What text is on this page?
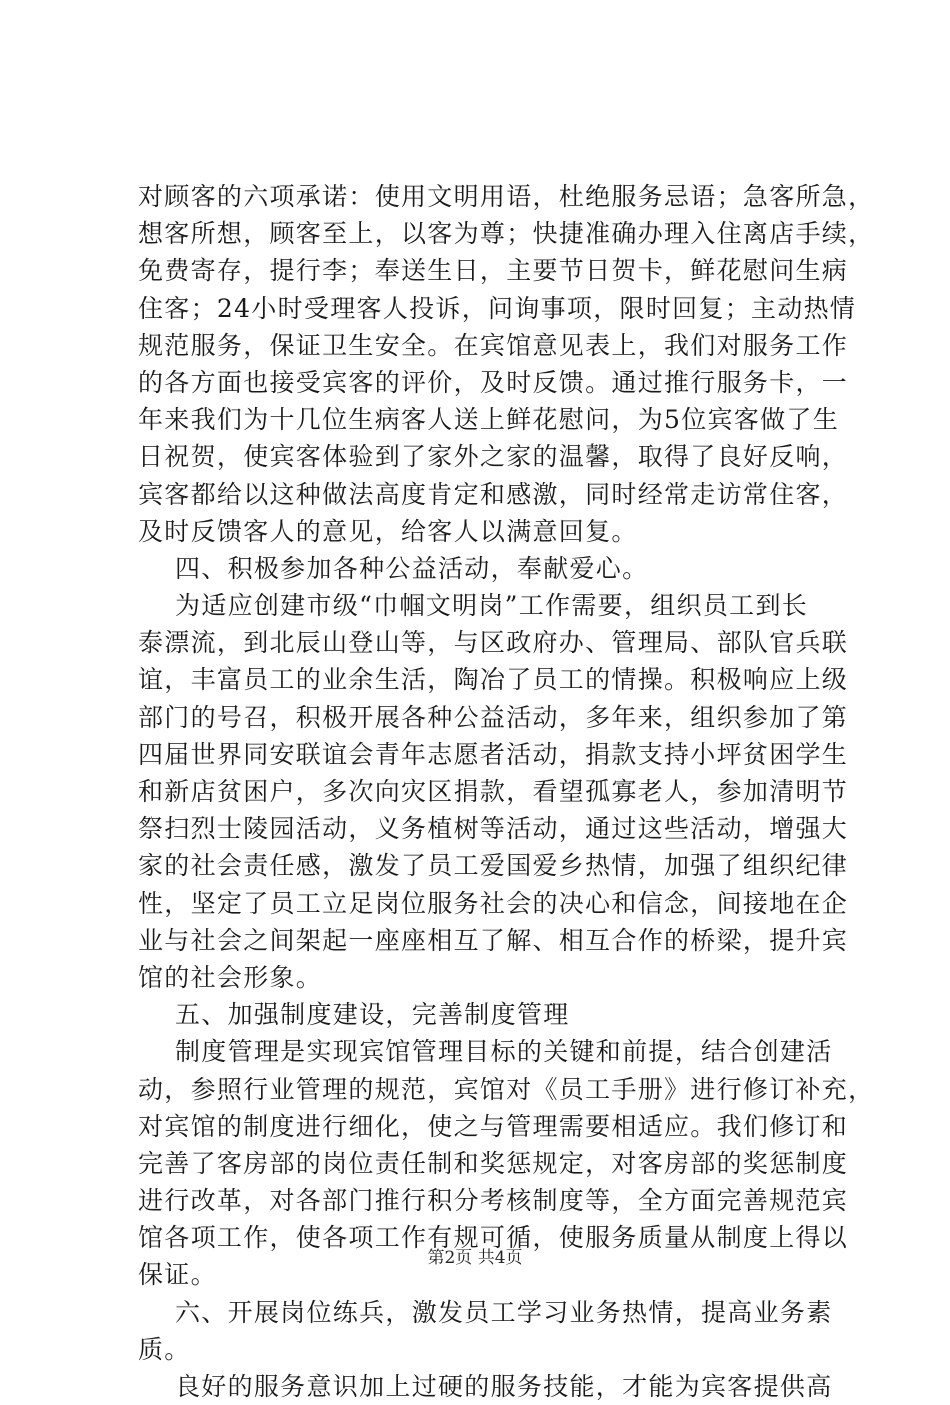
对顾客的六项承诺：使用文明用语，杜绝服务忌语；急客所急，
想客所想，顾客至上，以客为尊；快捷准确办理入住离店手续，
免费寄存，提行李；奉送生日，主要节日贺卡，鲜花慰问生病
住客；24小时受理客人投诉，问询事项，限时回复；主动热情
规范服务，保证卫生安全。在宾馆意见表上，我们对服务工作
的各方面也接受宾客的评价，及时反馈。通过推行服务卡，一
年来我们为十几位生病客人送上鲜花慰问，为5位宾客做了生
日祝贺，使宾客体验到了家外之家的温馨，取得了良好反响，
宾客都给以这种做法高度肯定和感激，同时经常走访常住客，
及时反馈客人的意见，给客人以满意回复。
四、积极参加各种公益活动，奉献爱心。
为适应创建市级“巾帼文明岗”工作需要，组织员工到长
泰漂流，到北辰山登山等，与区政府办、管理局、部队官兵联
谊，丰富员工的业余生活，陶冶了员工的情操。积极响应上级
部门的号召，积极开展各种公益活动，多年来，组织参加了第
四届世界同安联谊会青年志愿者活动，捐款支持小坪贫困学生
和新店贫困户，多次向灾区捐款，看望孤寡老人，参加清明节
祭扫烈士陵园活动，义务植树等活动，通过这些活动，增强大
家的社会责任感，激发了员工爱国爱乡热情，加强了组织纪律
性，坚定了员工立足岗位服务社会的决心和信念，间接地在企
业与社会之间架起一座座相互了解、相互合作的桥梁，提升宾
馆的社会形象。
五、加强制度建设，完善制度管理
制度管理是实现宾馆管理目标的关键和前提，结合创建活
动，参照行业管理的规范，宾馆对《员工手册》进行修订补充，
对宾馆的制度进行细化，使之与管理需要相适应。我们修订和
完善了客房部的岗位责任制和奖惩规定，对客房部的奖惩制度
进行改革，对各部门推行积分考核制度等，全方面完善规范宾
馆各项工作，使各项工作有规可循，使服务质量从制度上得以
保证。
六、开展岗位练兵，激发员工学习业务热情，提高业务素
质。
良好的服务意识加上过硬的服务技能，才能为宾客提供高
第2页 共4页
